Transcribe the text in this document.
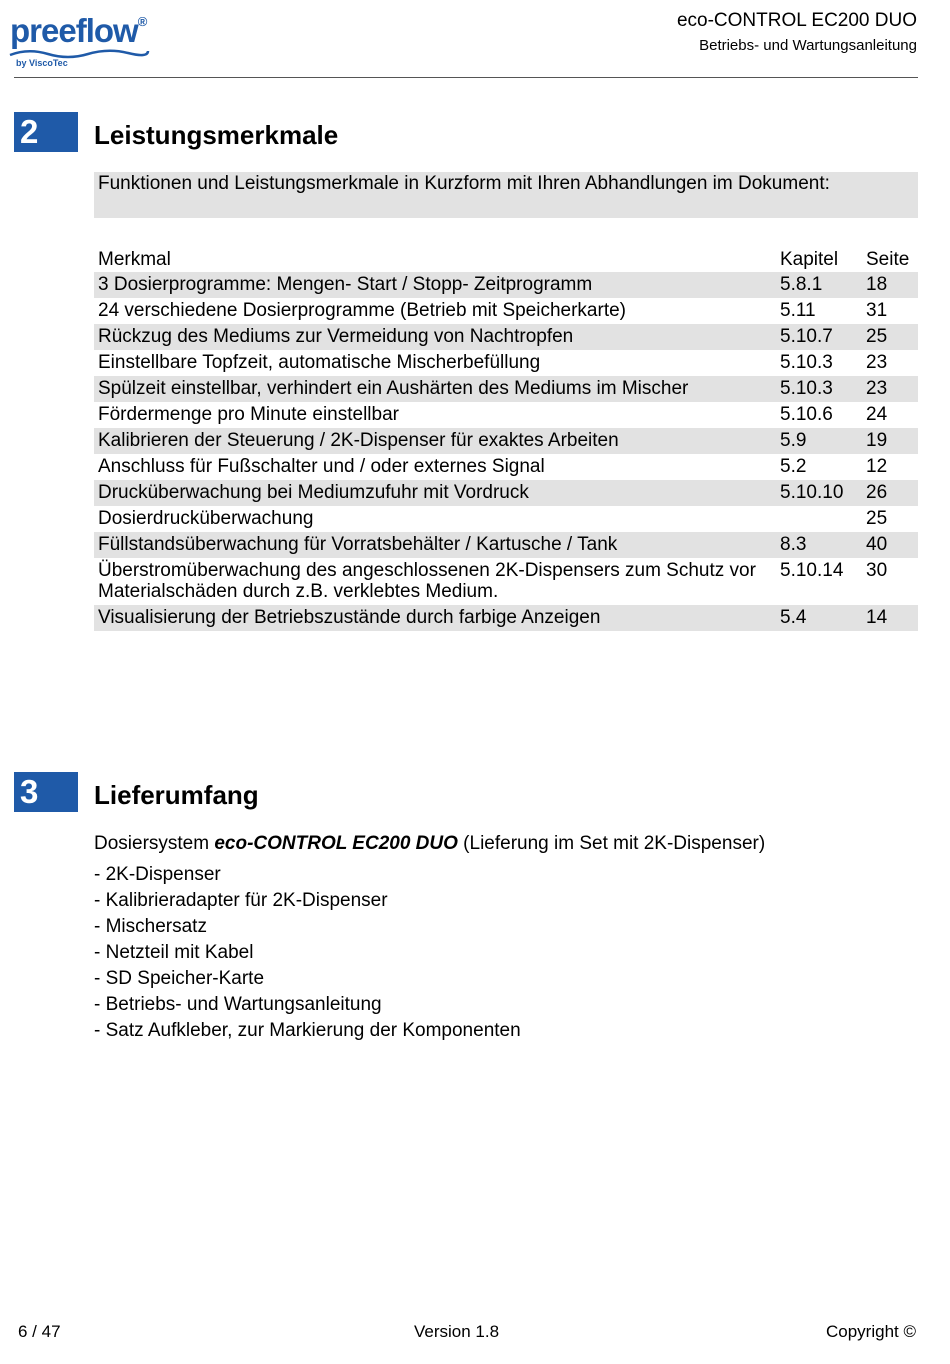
preeflow®
by ViscoTec
eco-CONTROL EC200 DUO
Betriebs- und Wartungsanleitung
2	Leistungsmerkmale
Funktionen und Leistungsmerkmale in Kurzform mit Ihren Abhandlungen im Dokument:
Merkmal	Kapitel	Seite
3 Dosierprogramme: Mengen- Start / Stopp- Zeitprogramm	5.8.1	18
24 verschiedene Dosierprogramme (Betrieb mit Speicherkarte)	5.11	31
Rückzug des Mediums zur Vermeidung von Nachtropfen	5.10.7	25
Einstellbare Topfzeit, automatische Mischerbefüllung	5.10.3	23
Spülzeit einstellbar, verhindert ein Aushärten des Mediums im Mischer	5.10.3	23
Fördermenge pro Minute einstellbar	5.10.6	24
Kalibrieren der Steuerung / 2K-Dispenser für exaktes Arbeiten	5.9	19
Anschluss für Fußschalter und / oder externes Signal	5.2	12
Drucküberwachung bei Mediumzufuhr mit Vordruck	5.10.10	26
Dosierdrucküberwachung		25
Füllstandsüberwachung für Vorratsbehälter / Kartusche / Tank	8.3	40
Überstromüberwachung des angeschlossenen 2K-Dispensers zum Schutz vor Materialschäden durch z.B. verklebtes Medium.	5.10.14	30
Visualisierung der Betriebszustände durch farbige Anzeigen	5.4	14
3	Lieferumfang
Dosiersystem eco-CONTROL EC200 DUO (Lieferung im Set mit 2K-Dispenser)
- 2K-Dispenser
- Kalibrieradapter für 2K-Dispenser
- Mischersatz
- Netzteil mit Kabel
- SD Speicher-Karte
- Betriebs- und Wartungsanleitung
- Satz Aufkleber, zur Markierung der Komponenten
6 / 47	Version 1.8	Copyright ©
